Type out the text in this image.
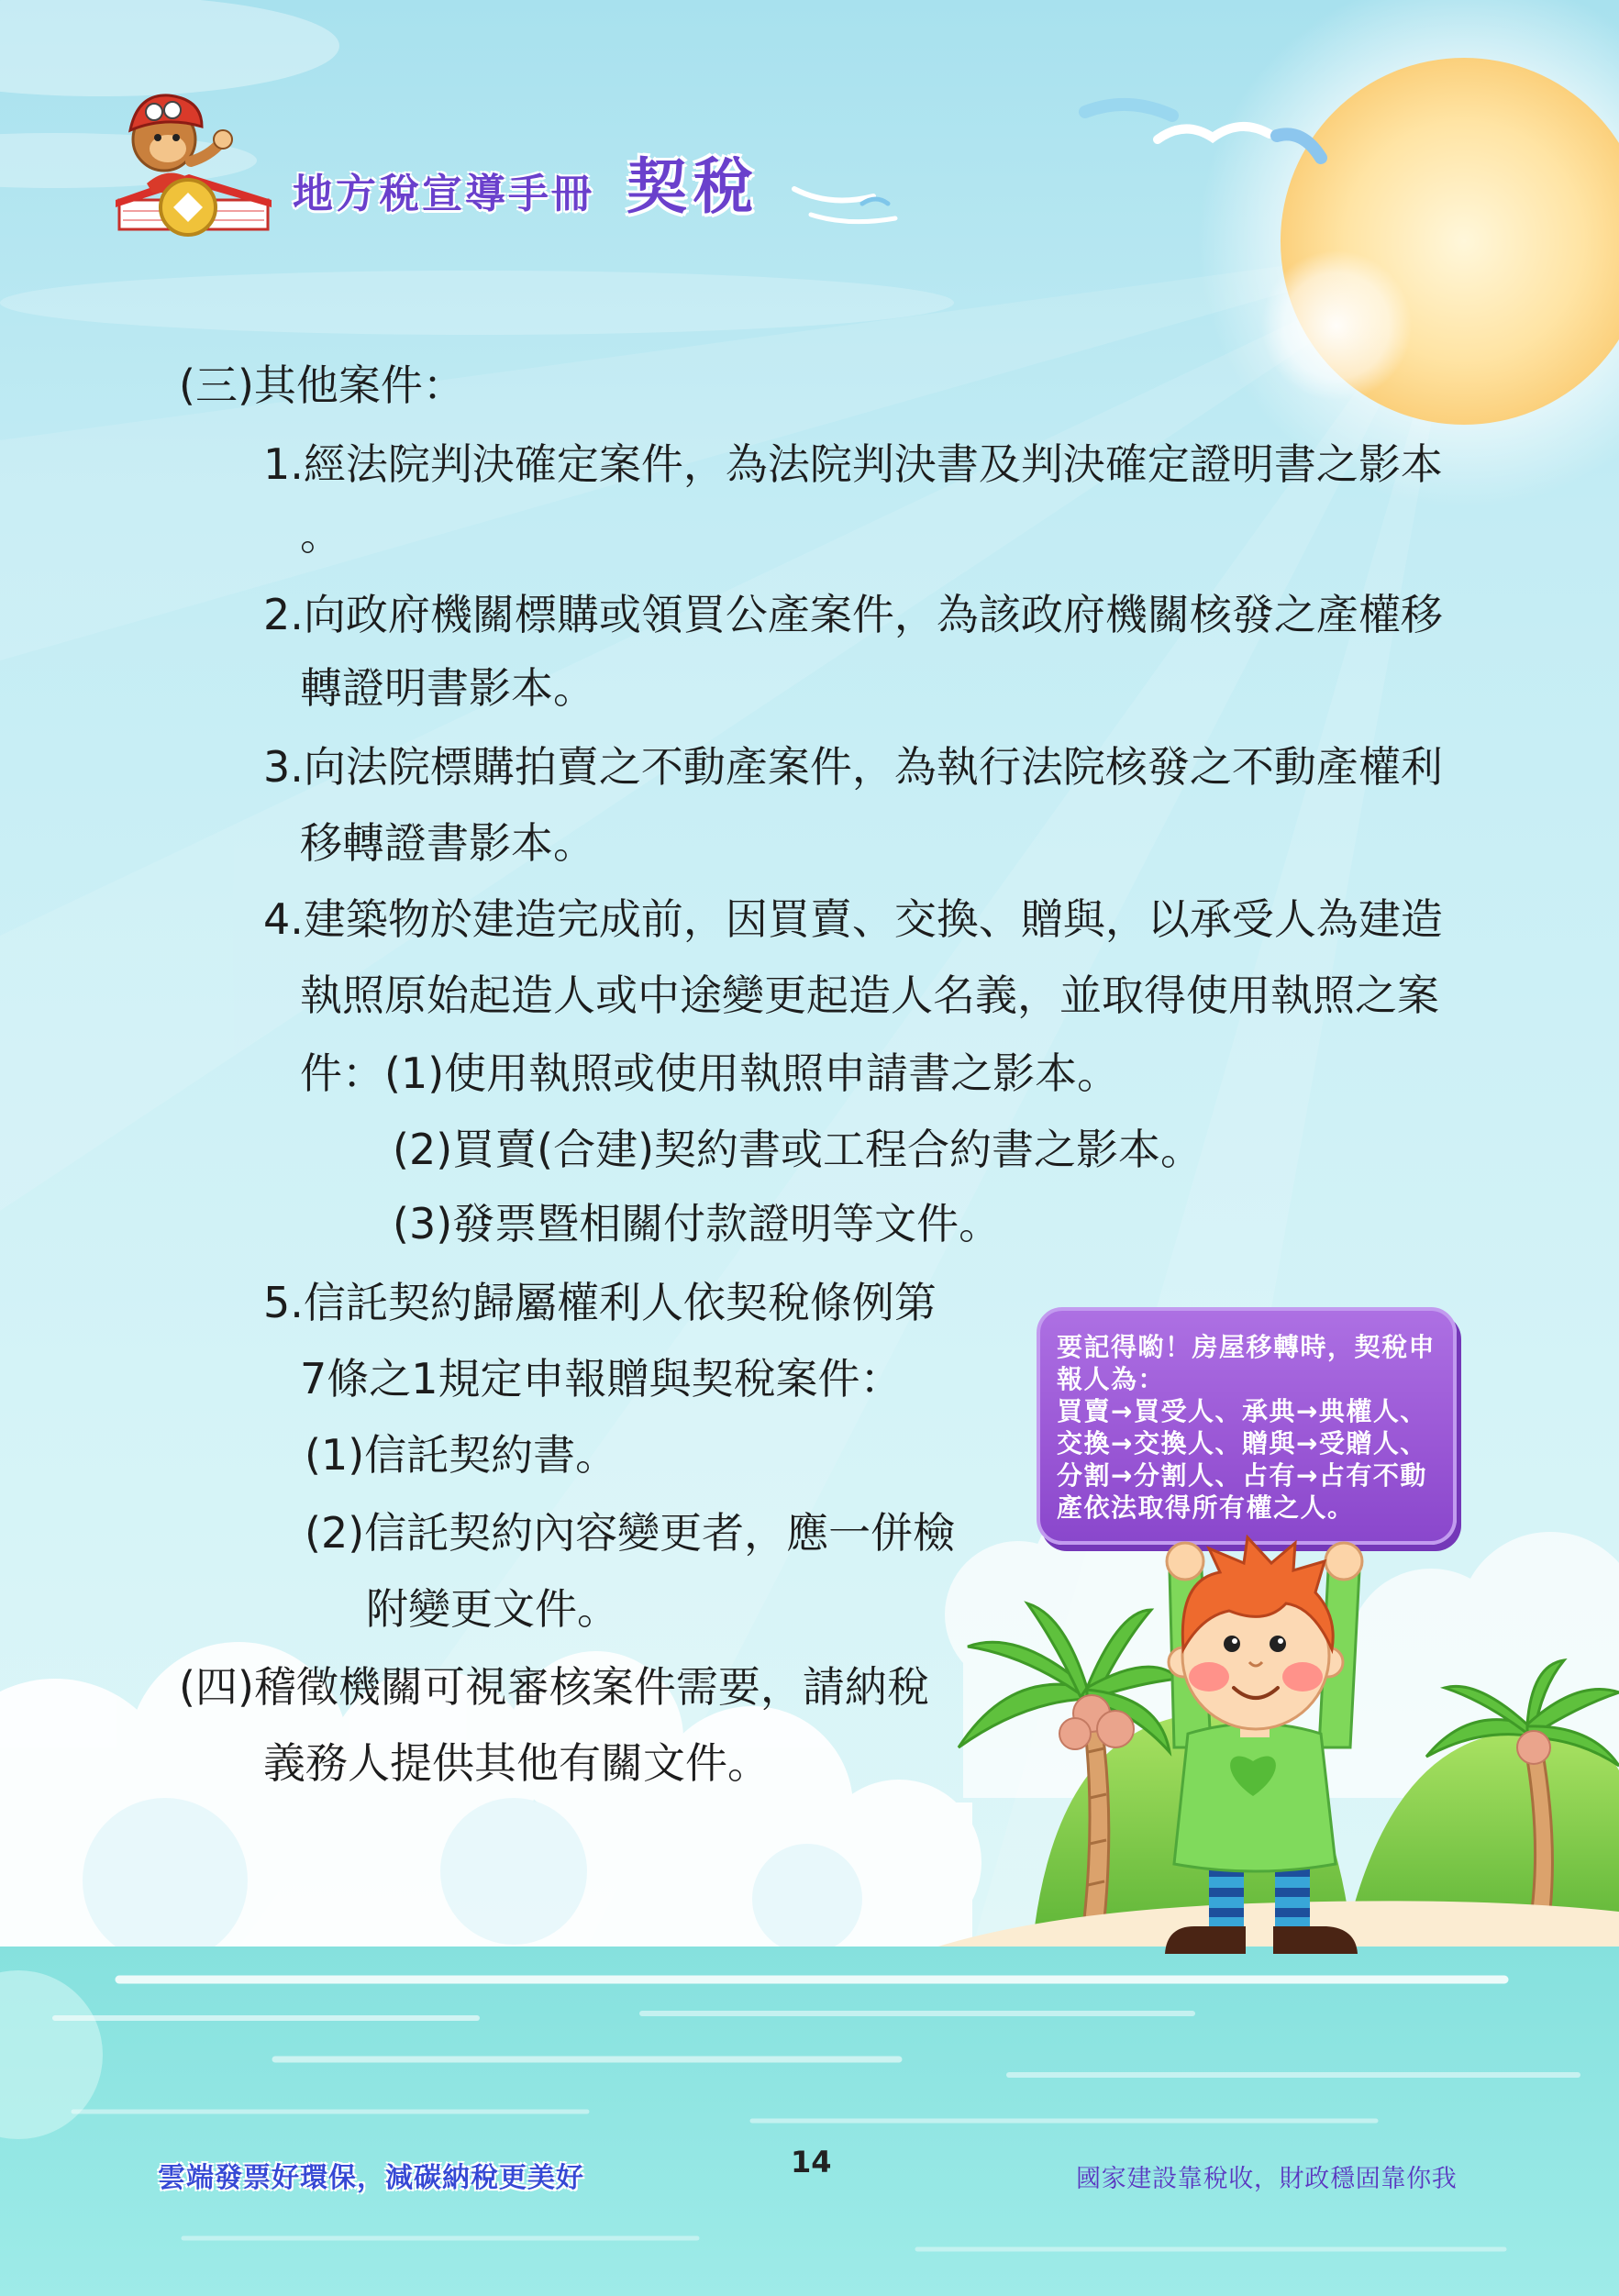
地方稅宣導手冊 契稅
(三)其他案件：
1.經法院判決確定案件，為法院判決書及判決確定證明書之影本
。
2.向政府機關標購或領買公產案件，為該政府機關核發之產權移
轉證明書影本。
3.向法院標購拍賣之不動產案件，為執行法院核發之不動產權利
移轉證書影本。
4.建築物於建造完成前，因買賣、交換、贈與，以承受人為建造
執照原始起造人或中途變更起造人名義，並取得使用執照之案
件：(1)使用執照或使用執照申請書之影本。
(2)買賣(合建)契約書或工程合約書之影本。
(3)發票暨相關付款證明等文件。
5.信託契約歸屬權利人依契稅條例第
7條之1規定申報贈與契稅案件：
(1)信託契約書。
(2)信託契約內容變更者，應一併檢
附變更文件。
(四)稽徵機關可視審核案件需要，請納稅
義務人提供其他有關文件。
要記得喲！房屋移轉時，契稅申
報人為：
買賣→買受人、承典→典權人、
交換→交換人、贈與→受贈人、
分割→分割人、占有→占有不動
產依法取得所有權之人。
雲端發票好環保，減碳納稅更美好	14	國家建設靠稅收，財政穩固靠你我
